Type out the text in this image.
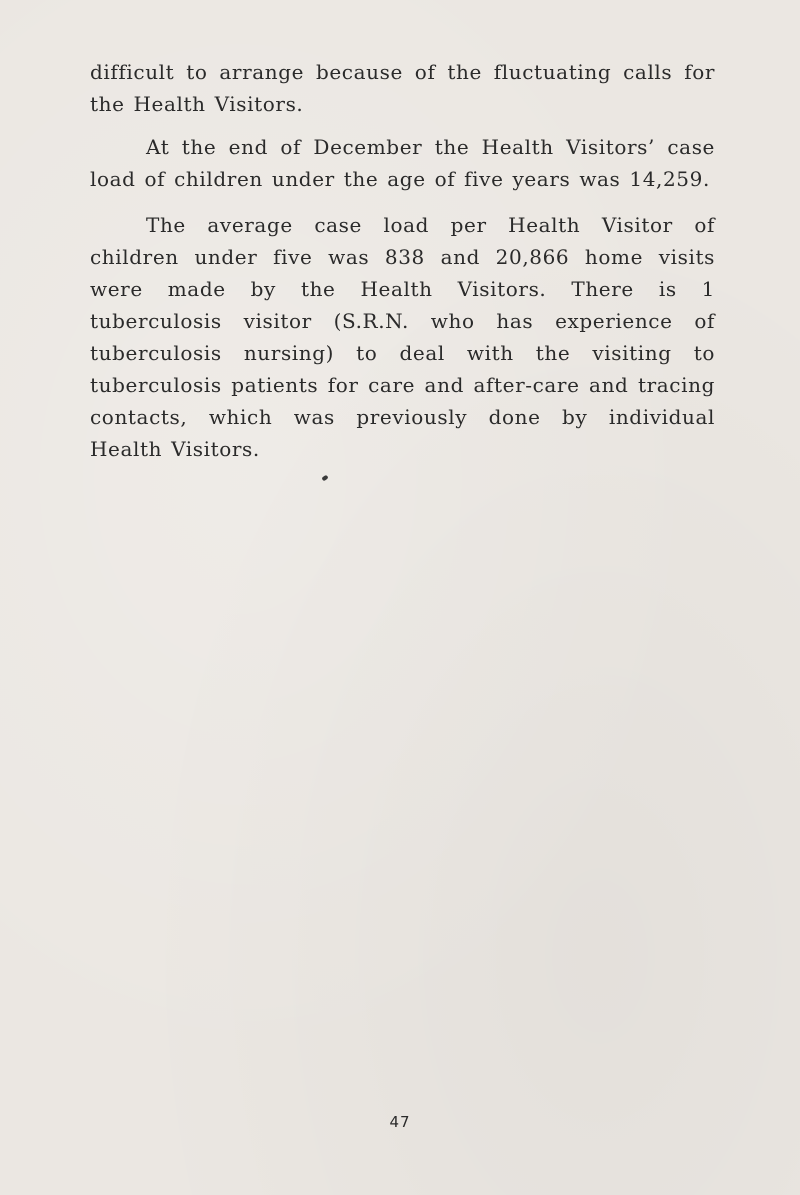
difficult to arrange because of the fluctuating calls for the Health Visitors.

At the end of December the Health Visitors’ case load of children under the age of five years was 14,259.

The average case load per Health Visitor of children under five was 838 and 20,866 home visits were made by the Health Visitors. There is 1 tuberculosis visitor (S.R.N. who has experience of tuberculosis nursing) to deal with the visiting to tuberculosis patients for care and after-care and tracing contacts, which was previously done by individual Health Visitors.

47
